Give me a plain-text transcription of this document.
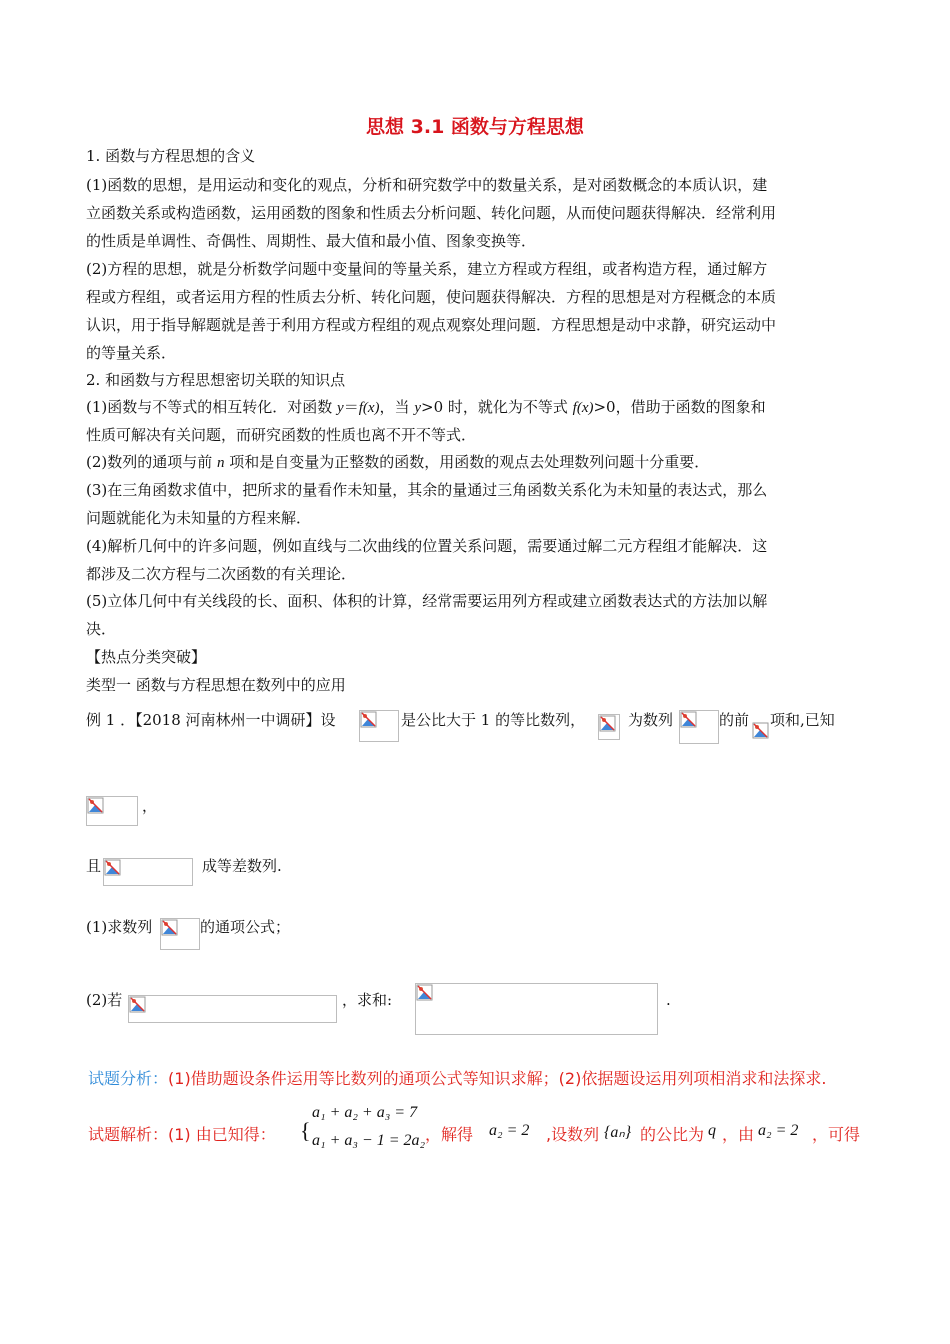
思想 3.1 函数与方程思想
1. 函数与方程思想的含义
(1)函数的思想，是用运动和变化的观点，分析和研究数学中的数量关系，是对函数概念的本质认识，建
立函数关系或构造函数，运用函数的图象和性质去分析问题、转化问题，从而使问题获得解决．经常利用
的性质是单调性、奇偶性、周期性、最大值和最小值、图象变换等．
(2)方程的思想，就是分析数学问题中变量间的等量关系，建立方程或方程组，或者构造方程，通过解方
程或方程组，或者运用方程的性质去分析、转化问题，使问题获得解决．方程的思想是对方程概念的本质
认识，用于指导解题就是善于利用方程或方程组的观点观察处理问题．方程思想是动中求静，研究运动中
的等量关系．
2. 和函数与方程思想密切关联的知识点
(1)函数与不等式的相互转化．对函数 y＝f(x)，当 y>0 时，就化为不等式 f(x)>0，借助于函数的图象和
性质可解决有关问题，而研究函数的性质也离不开不等式．
(2)数列的通项与前 n 项和是自变量为正整数的函数，用函数的观点去处理数列问题十分重要．
(3)在三角函数求值中，把所求的量看作未知量，其余的量通过三角函数关系化为未知量的表达式，那么
问题就能化为未知量的方程来解．
(4)解析几何中的许多问题，例如直线与二次曲线的位置关系问题，需要通过解二元方程组才能解决．这
都涉及二次方程与二次函数的有关理论．
(5)立体几何中有关线段的长、面积、体积的计算，经常需要运用列方程或建立函数表达式的方法加以解
决．
【热点分类突破】
类型一 函数与方程思想在数列中的应用
例 1 ．【2018 河南林州一中调研】设	是公比大于 1 的等比数列，	为数列	的前	项和,已知
，
且	成等差数列.
(1)求数列	的通项公式；
(2)若	，求和:	.
试题分析：(1)借助题设条件运用等比数列的通项公式等知识求解；(2)依据题设运用列项相消求和法探求.
试题解析：(1) 由已知得： {
a₁ + a₂ + a₃ = 7
a₁ + a₃ − 1 = 2a₂ ，解得 a₂ = 2 ,设数列 {aₙ} 的公比为 q ，由 a₂ = 2 ，可得
